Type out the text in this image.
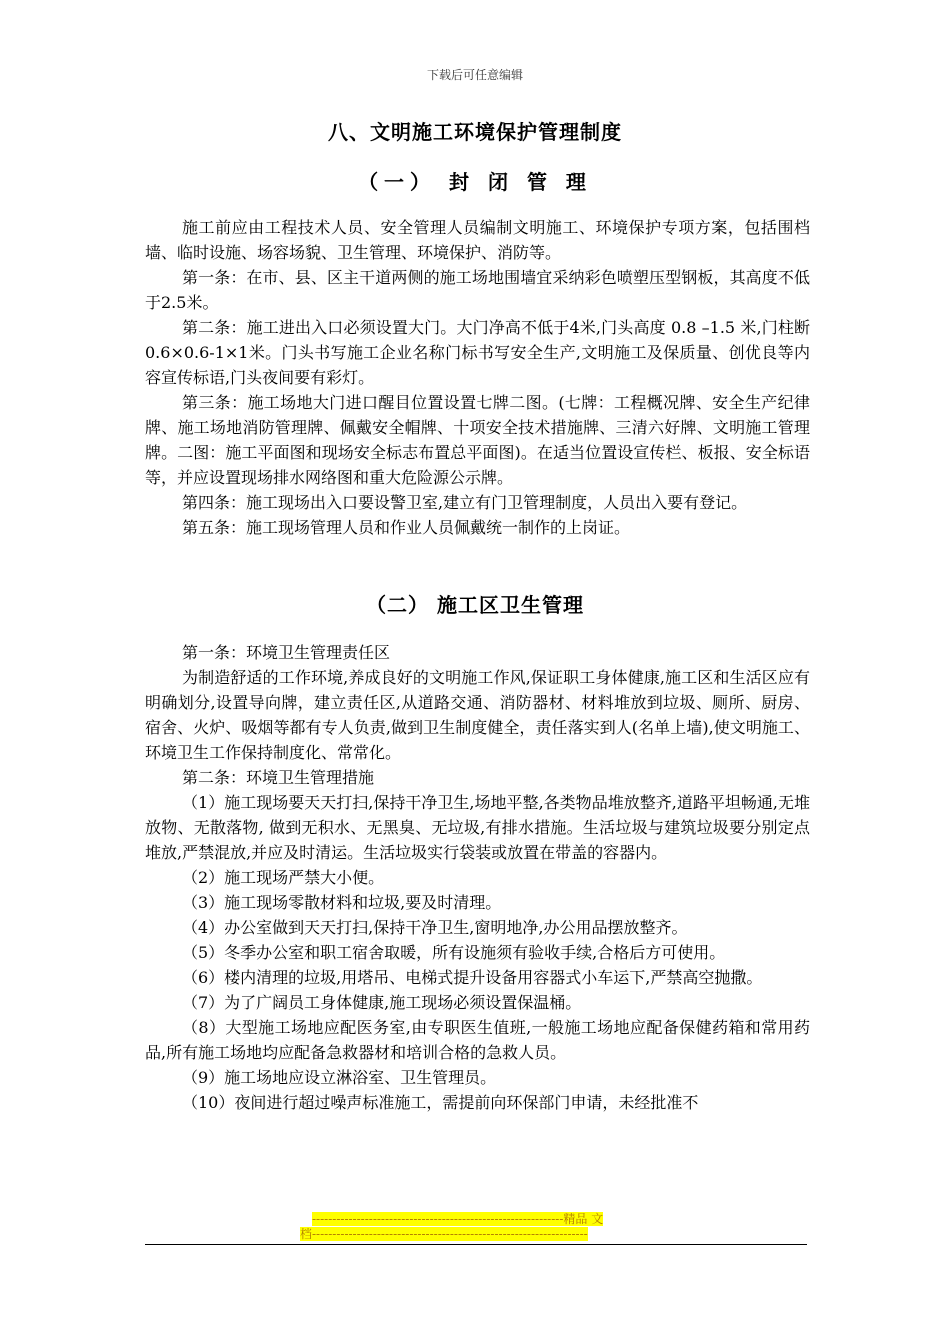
下载后可任意编辑
八、文明施工环境保护管理制度
（一） 封 闭 管 理

施工前应由工程技术人员、安全管理人员编制文明施工、环境保护专项方案，包括围档墙、临时设施、场容场貌、卫生管理、环境保护、消防等。

第一条：在市、县、区主干道两侧的施工场地围墙宜采纳彩色喷塑压型钢板，其高度不低于2.5米。

第二条：施工进出入口必须设置大门。大门净高不低于4米,门头高度 0.8 –1.5 米,门柱断0.6×0.6-1×1米。门头书写施工企业名称门标书写安全生产,文明施工及保质量、创优良等内容宣传标语,门头夜间要有彩灯。

第三条：施工场地大门进口醒目位置设置七牌二图。(七牌：工程概况牌、安全生产纪律牌、施工场地消防管理牌、佩戴安全帽牌、十项安全技术措施牌、三清六好牌、文明施工管理牌。二图：施工平面图和现场安全标志布置总平面图)。在适当位置设宣传栏、板报、安全标语等，并应设置现场排水网络图和重大危险源公示牌。

第四条：施工现场出入口要设警卫室,建立有门卫管理制度，人员出入要有登记。

第五条：施工现场管理人员和作业人员佩戴统一制作的上岗证。

（二） 施工区卫生管理

第一条：环境卫生管理责任区

为制造舒适的工作环境,养成良好的文明施工作风,保证职工身体健康,施工区和生活区应有明确划分,设置导向牌，建立责任区,从道路交通、消防器材、材料堆放到垃圾、厕所、厨房、宿舍、火炉、吸烟等都有专人负责,做到卫生制度健全，责任落实到人(名单上墙),使文明施工、环境卫生工作保持制度化、常常化。

第二条：环境卫生管理措施

（1）施工现场要天天打扫,保持干净卫生,场地平整,各类物品堆放整齐,道路平坦畅通,无堆放物、无散落物, 做到无积水、无黑臭、无垃圾,有排水措施。生活垃圾与建筑垃圾要分别定点堆放,严禁混放,并应及时清运。生活垃圾实行袋装或放置在带盖的容器内。

（2）施工现场严禁大小便。

（3）施工现场零散材料和垃圾,要及时清理。

（4）办公室做到天天打扫,保持干净卫生,窗明地净,办公用品摆放整齐。

（5）冬季办公室和职工宿舍取暖，所有设施须有验收手续,合格后方可使用。

（6）楼内清理的垃圾,用塔吊、电梯式提升设备用容器式小车运下,严禁高空抛撒。

（7）为了广阔员工身体健康,施工现场必须设置保温桶。

（8）大型施工场地应配医务室,由专职医生值班,一般施工场地应配备保健药箱和常用药品,所有施工场地均应配备急救器材和培训合格的急救人员。

（9）施工场地应设立淋浴室、卫生管理员。

（10）夜间进行超过噪声标准施工，需提前向环保部门申请，未经批准不

--------------------------------------------------------------精品 文
档--------------------------------------------------------------------
